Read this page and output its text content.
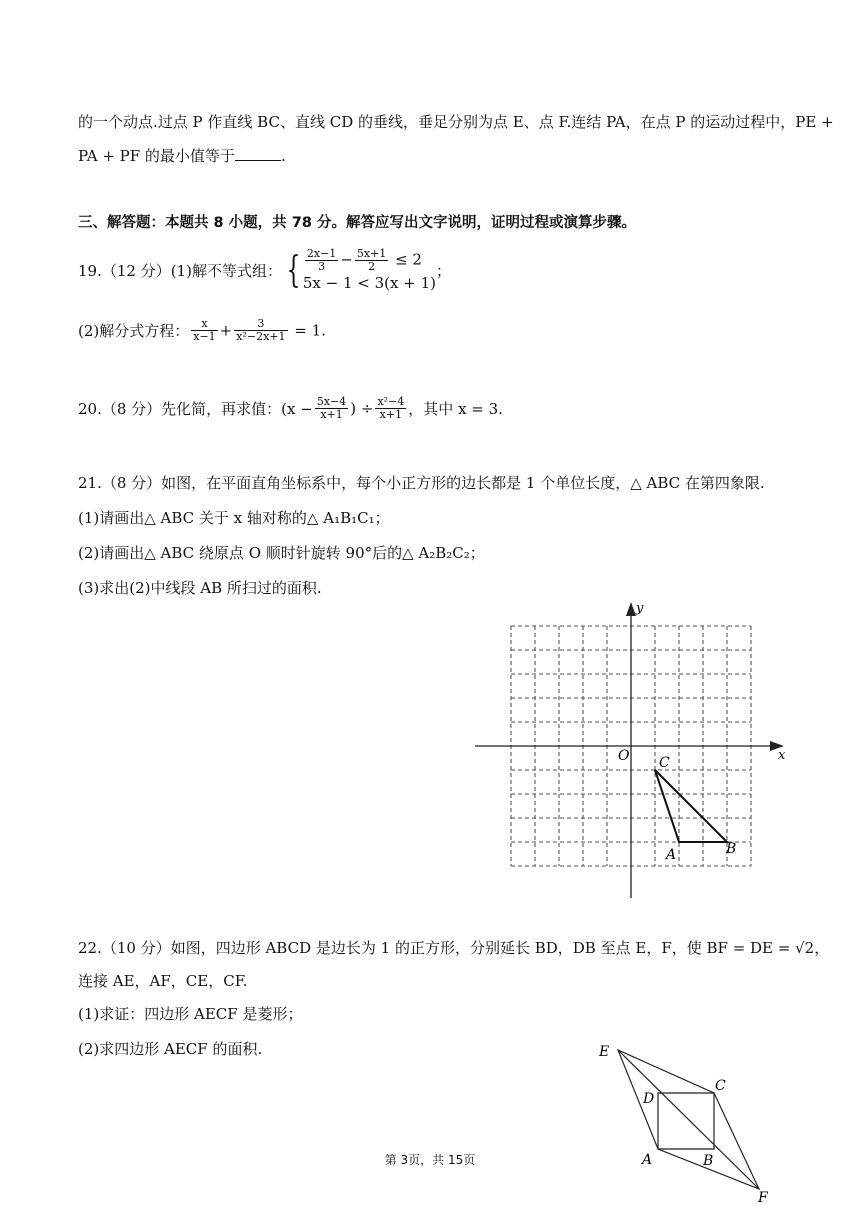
的一个动点.过点 P 作直线 BC、直线 CD 的垂线，垂足分别为点 E、点 F.连结 PA，在点 P 的运动过程中，PE +
PA + PF 的最小值等于	.
三、解答题：本题共 8 小题，共 78 分。解答应写出文字说明，证明过程或演算步骤。
19.（12 分）(1)解不等式组： { $\frac{2x-1}{3} - \frac{5x+1}{2} \le 2$
5x − 1 < 3(x + 1)
；
(2)解分式方程： $\frac{x}{x-1} + \frac{3}{\text{x²−2x+1}} = 1$.
20.（8 分）先化简，再求值：($x - \frac{5x-4}{x+1}$ ) ÷ $\frac{\text{x²−4}}{x+1}$ ，其中 x = 3.
21.（8 分）如图，在平面直角坐标系中，每个小正方形的边长都是 1 个单位长度，△ ABC 在第四象限.
(1)请画出△ ABC 关于 x 轴对称的△ A₁B₁C₁；
(2)请画出△ ABC 绕原点 O 顺时针旋转 90°后的△ A₂B₂C₂；
(3)求出(2)中线段 AB 所扫过的面积.
x
y
O C
A	B
22.（10 分）如图，四边形 ABCD 是边长为 1 的正方形，分别延长 BD，DB 至点 E，F，使 BF = DE = √2，
连接 AE，AF，CE，CF.
(1)求证：四边形 AECF 是菱形；
(2)求四边形 AECF 的面积.	E
C
D
A	B
F
第 3页，共 15页
